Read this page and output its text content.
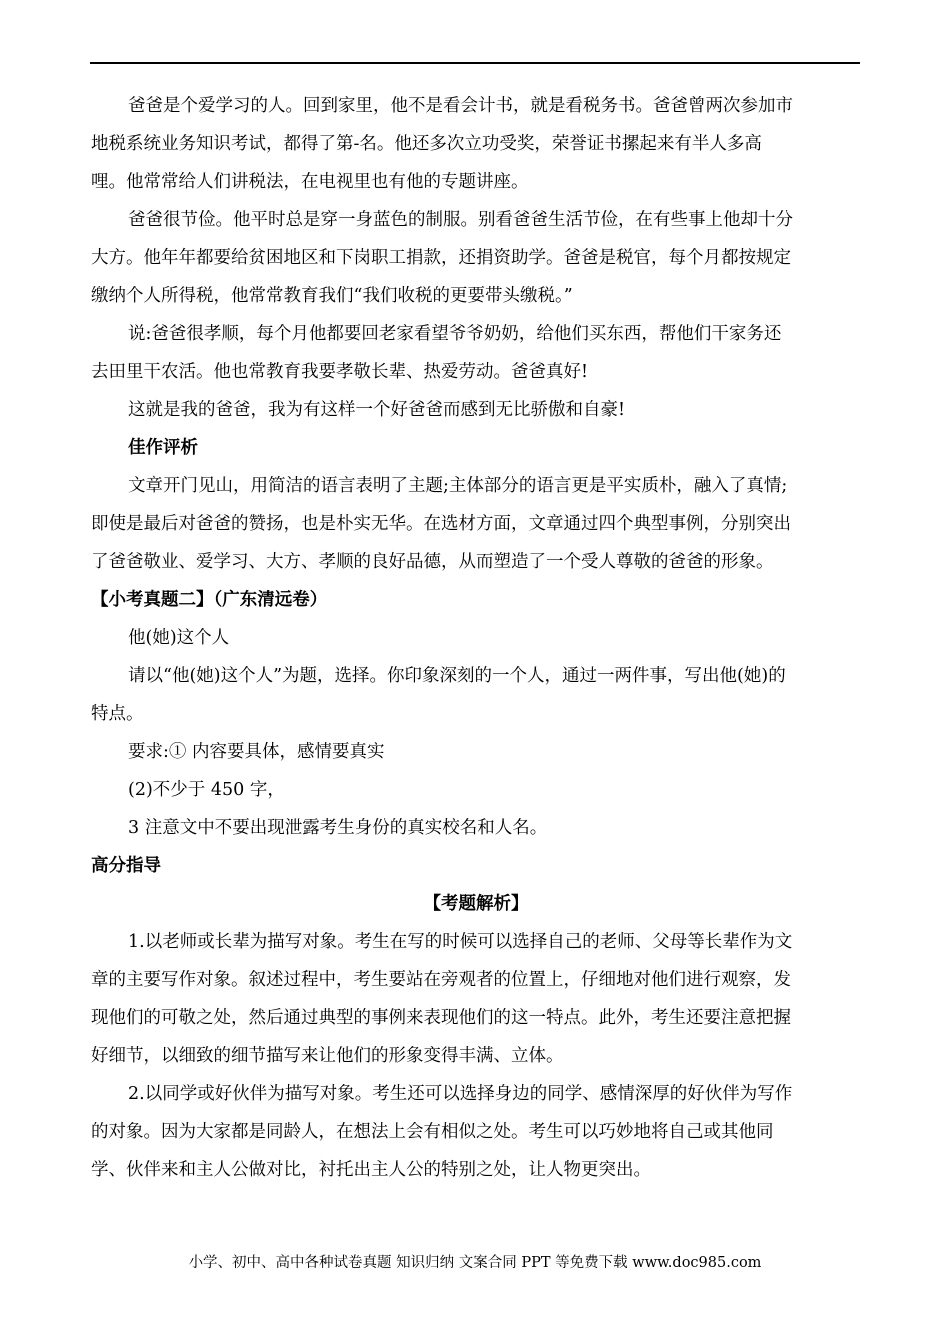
爸爸是个爱学习的人。回到家里，他不是看会计书，就是看税务书。爸爸曾两次参加市
地税系统业务知识考试，都得了第-名。他还多次立功受奖，荣誉证书摞起来有半人多高
哩。他常常给人们讲税法，在电视里也有他的专题讲座。
爸爸很节俭。他平时总是穿一身蓝色的制服。别看爸爸生活节俭，在有些事上他却十分
大方。他年年都要给贫困地区和下岗职工捐款，还捐资助学。爸爸是税官，每个月都按规定
缴纳个人所得税，他常常教育我们“我们收税的更要带头缴税。”
说:爸爸很孝顺，每个月他都要回老家看望爷爷奶奶，给他们买东西，帮他们干家务还
去田里干农活。他也常教育我要孝敬长辈、热爱劳动。爸爸真好!
这就是我的爸爸，我为有这样一个好爸爸而感到无比骄傲和自豪!
佳作评析
文章开门见山，用简洁的语言表明了主题;主体部分的语言更是平实质朴，融入了真情;
即使是最后对爸爸的赞扬，也是朴实无华。在选材方面，文章通过四个典型事例，分别突出
了爸爸敬业、爱学习、大方、孝顺的良好品德，从而塑造了一个受人尊敬的爸爸的形象。
【小考真题二】（广东清远卷）
他(她)这个人
请以“他(她)这个人”为题，选择。你印象深刻的一个人，通过一两件事，写出他(她)的
特点。
要求:① 内容要具体，感情要真实
(2)不少于 450 字，
3 注意文中不要出现泄露考生身份的真实校名和人名。
高分指导
【考题解析】
1.以老师或长辈为描写对象。考生在写的时候可以选择自己的老师、父母等长辈作为文
章的主要写作对象。叙述过程中，考生要站在旁观者的位置上，仔细地对他们进行观察，发
现他们的可敬之处，然后通过典型的事例来表现他们的这一特点。此外，考生还要注意把握
好细节，以细致的细节描写来让他们的形象变得丰满、立体。
2.以同学或好伙伴为描写对象。考生还可以选择身边的同学、感情深厚的好伙伴为写作
的对象。因为大家都是同龄人，在想法上会有相似之处。考生可以巧妙地将自己或其他同
学、伙伴来和主人公做对比，衬托出主人公的特别之处，让人物更突出。
小学、初中、高中各种试卷真题 知识归纳 文案合同 PPT 等免费下载 www.doc985.com
